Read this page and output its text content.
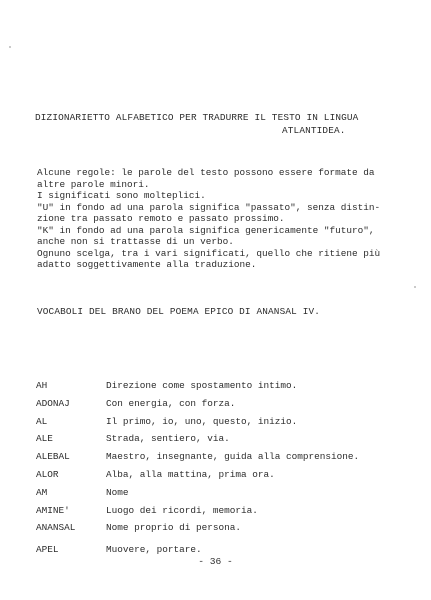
DIZIONARIETTO ALFABETICO PER TRADURRE IL TESTO IN LINGUA
ATLANTIDEA.
Alcune regole: le parole del testo possono essere formate da
altre parole minori.
I significati sono molteplici.
"U" in fondo ad una parola significa "passato", senza distin-
zione tra passato remoto e passato prossimo.
"K" in fondo ad una parola significa genericamente "futuro",
anche non si trattasse di un verbo.
Ognuno scelga, tra i vari significati, quello che ritiene più
adatto soggettivamente alla traduzione.
VOCABOLI DEL BRANO DEL POEMA EPICO DI ANANSAL IV.
AH	Direzione come spostamento intimo.
ADONAJ	Con energia, con forza.
AL	Il primo, io, uno, questo, inizio.
ALE	Strada, sentiero, via.
ALEBAL	Maestro, insegnante, guida alla comprensione.
ALOR	Alba, alla mattina, prima ora.
AM	Nome
AMINE'	Luogo dei ricordi, memoria.
ANANSAL	Nome proprio di persona.
APEL	Muovere, portare.
- 36 -
